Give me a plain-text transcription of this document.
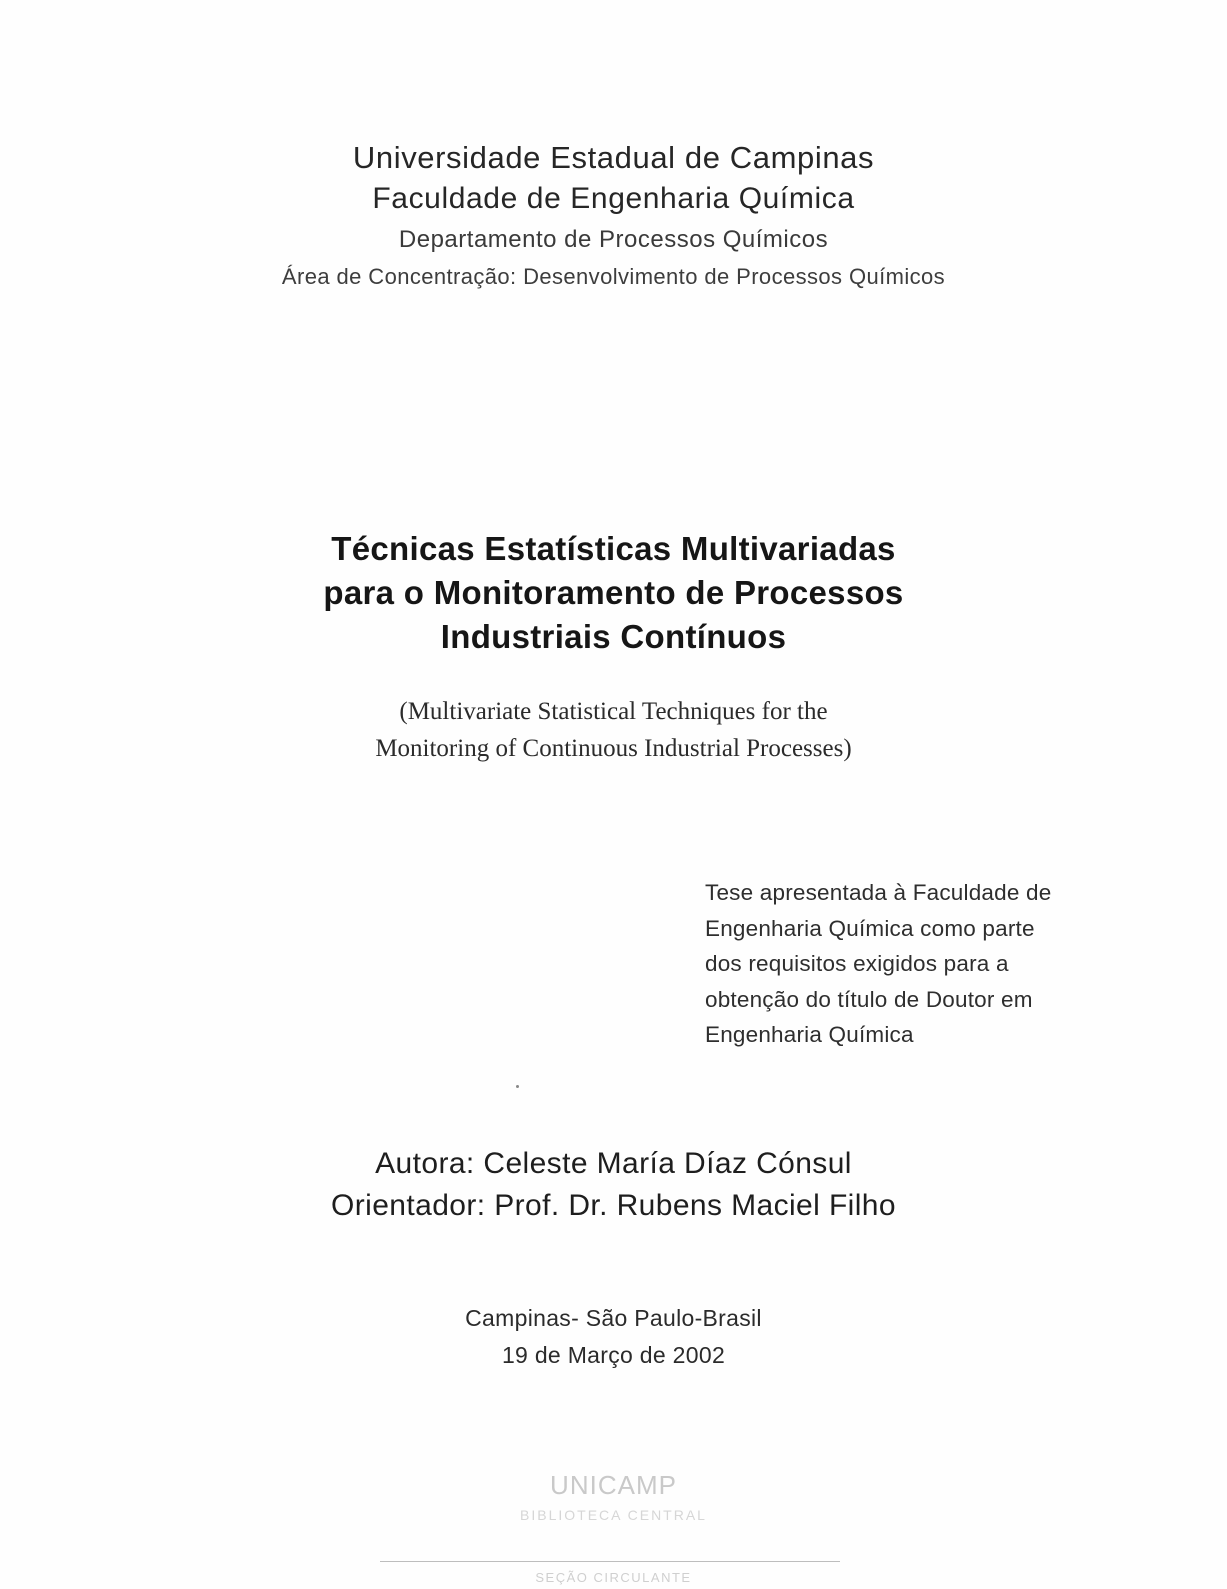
Universidade Estadual de Campinas
Faculdade de Engenharia Química
Departamento de Processos Químicos
Área de Concentração: Desenvolvimento de Processos Químicos
Técnicas Estatísticas Multivariadas
para o Monitoramento de Processos
Industriais Contínuos
(Multivariate Statistical Techniques for the
Monitoring of Continuous Industrial Processes)

Tese apresentada à Faculdade de

Engenharia Química como parte

dos requisitos exigidos para a

obtenção do título de Doutor em

Engenharia Química

Autora: Celeste María Díaz Cónsul
Orientador: Prof. Dr. Rubens Maciel Filho
Campinas- São Paulo-Brasil
19 de Março de 2002
UNICAMP
BIBLIOTECA CENTRAL
SEÇÃO CIRCULANTE
